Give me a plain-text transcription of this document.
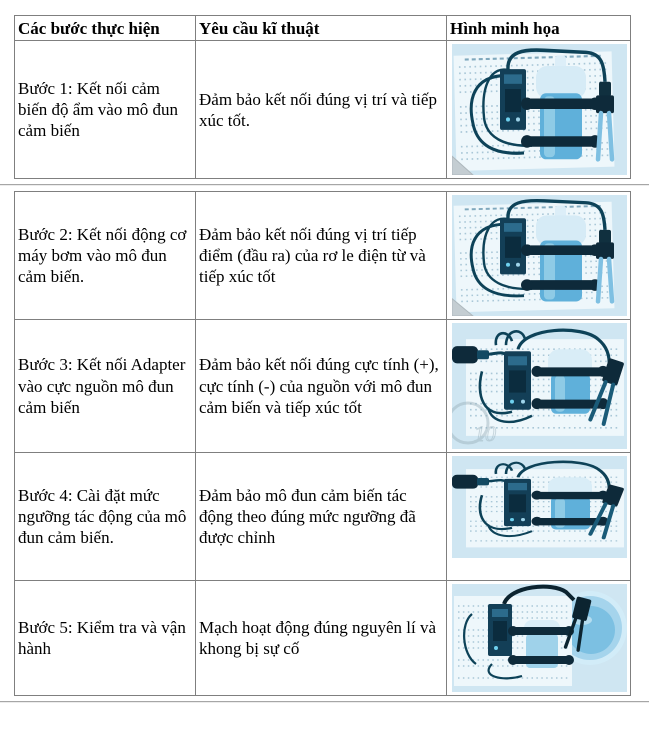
Các bước thực hiện	Yêu cầu kĩ thuật	Hình minh họa
Bước 1: Kết nối cảm biến độ ẩm vào mô đun cảm biến	Đảm bảo kết nối đúng vị trí và tiếp xúc tốt.	
Bước 2: Kết nối động cơ máy bơm vào mô đun cảm biến.	Đảm bảo kết nối đúng vị trí tiếp điểm (đầu ra) của rơ le điện từ và tiếp xúc tốt	

Bước 3: Kết nối Adapter vào cực nguồn mô đun cảm biến	Đảm bảo kết nối đúng cực tính (+), cực tính (-) của nguồn với mô đun cảm biến và tiếp xúc tốt	10

Bước 4: Cài đặt mức ngưỡng tác động của mô đun cảm biến.	Đảm bảo mô đun cảm biến tác động theo đúng mức ngưỡng đã được chỉnh	

Bước 5: Kiểm tra và vận hành	Mạch hoạt động đúng nguyên lí và khong bị sự cố	
